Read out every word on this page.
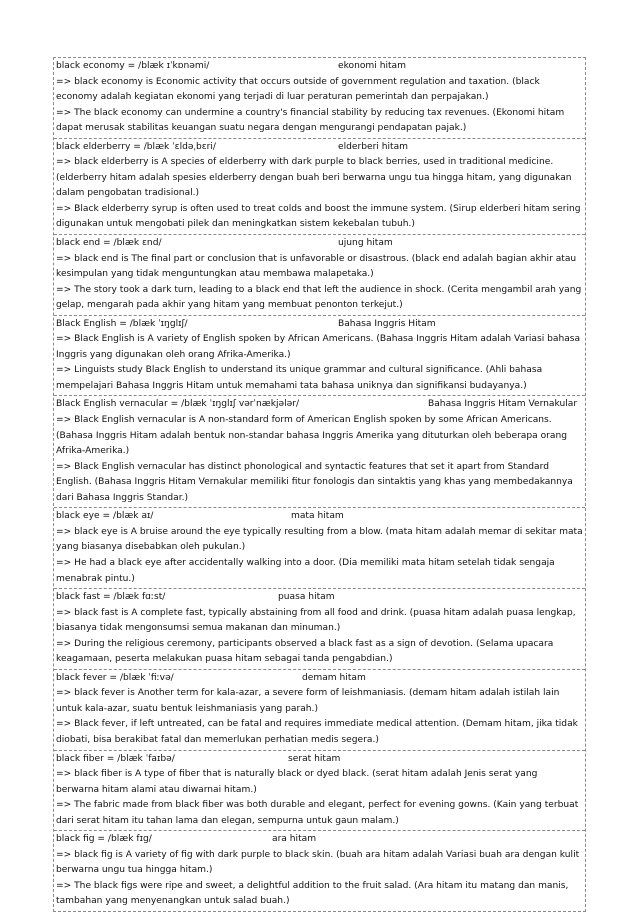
black economy = /blæk ɪˈkɒnəmi/	ekonomi hitam
=> black economy is Economic activity that occurs outside of government regulation and taxation. (black economy adalah kegiatan ekonomi yang terjadi di luar peraturan pemerintah dan perpajakan.)
=> The black economy can undermine a country's financial stability by reducing tax revenues. (Ekonomi hitam dapat merusak stabilitas keuangan suatu negara dengan mengurangi pendapatan pajak.)
black elderberry = /blæk ˈɛldəˌbɛri/	elderberi hitam
=> black elderberry is A species of elderberry with dark purple to black berries, used in traditional medicine. (elderberry hitam adalah spesies elderberry dengan buah beri berwarna ungu tua hingga hitam, yang digunakan dalam pengobatan tradisional.)
=> Black elderberry syrup is often used to treat colds and boost the immune system. (Sirup elderberi hitam sering digunakan untuk mengobati pilek dan meningkatkan sistem kekebalan tubuh.)
black end = /blæk ɛnd/	ujung hitam
=> black end is The final part or conclusion that is unfavorable or disastrous. (black end adalah bagian akhir atau kesimpulan yang tidak menguntungkan atau membawa malapetaka.)
=> The story took a dark turn, leading to a black end that left the audience in shock. (Cerita mengambil arah yang gelap, mengarah pada akhir yang hitam yang membuat penonton terkejut.)
Black English = /blæk ˈɪŋglɪʃ/	Bahasa Inggris Hitam
=> Black English is A variety of English spoken by African Americans. (Bahasa Inggris Hitam adalah Variasi bahasa Inggris yang digunakan oleh orang Afrika-Amerika.)
=> Linguists study Black English to understand its unique grammar and cultural significance. (Ahli bahasa mempelajari Bahasa Inggris Hitam untuk memahami tata bahasa uniknya dan signifikansi budayanya.)
Black English vernacular = /blæk ˈɪŋglɪʃ vərˈnækjələr/	Bahasa Inggris Hitam Vernakular
=> Black English vernacular is A non-standard form of American English spoken by some African Americans. (Bahasa Inggris Hitam adalah bentuk non-standar bahasa Inggris Amerika yang dituturkan oleh beberapa orang Afrika-Amerika.)
=> Black English vernacular has distinct phonological and syntactic features that set it apart from Standard English. (Bahasa Inggris Hitam Vernakular memiliki fitur fonologis dan sintaktis yang khas yang membedakannya dari Bahasa Inggris Standar.)
black eye = /blæk aɪ/	mata hitam
=> black eye is A bruise around the eye typically resulting from a blow. (mata hitam adalah memar di sekitar mata yang biasanya disebabkan oleh pukulan.)
=> He had a black eye after accidentally walking into a door. (Dia memiliki mata hitam setelah tidak sengaja menabrak pintu.)
black fast = /blæk fɑːst/	puasa hitam
=> black fast is A complete fast, typically abstaining from all food and drink. (puasa hitam adalah puasa lengkap, biasanya tidak mengonsumsi semua makanan dan minuman.)
=> During the religious ceremony, participants observed a black fast as a sign of devotion. (Selama upacara keagamaan, peserta melakukan puasa hitam sebagai tanda pengabdian.)
black fever = /blæk ˈfiːvə/	demam hitam
=> black fever is Another term for kala-azar, a severe form of leishmaniasis. (demam hitam adalah istilah lain untuk kala-azar, suatu bentuk leishmaniasis yang parah.)
=> Black fever, if left untreated, can be fatal and requires immediate medical attention. (Demam hitam, jika tidak diobati, bisa berakibat fatal dan memerlukan perhatian medis segera.)
black fiber = /blæk ˈfaɪbə/	serat hitam
=> black fiber is A type of fiber that is naturally black or dyed black. (serat hitam adalah Jenis serat yang berwarna hitam alami atau diwarnai hitam.)
=> The fabric made from black fiber was both durable and elegant, perfect for evening gowns. (Kain yang terbuat dari serat hitam itu tahan lama dan elegan, sempurna untuk gaun malam.)
black fig = /blæk fɪg/	ara hitam
=> black fig is A variety of fig with dark purple to black skin. (buah ara hitam adalah Variasi buah ara dengan kulit berwarna ungu tua hingga hitam.)
=> The black figs were ripe and sweet, a delightful addition to the fruit salad. (Ara hitam itu matang dan manis, tambahan yang menyenangkan untuk salad buah.)
